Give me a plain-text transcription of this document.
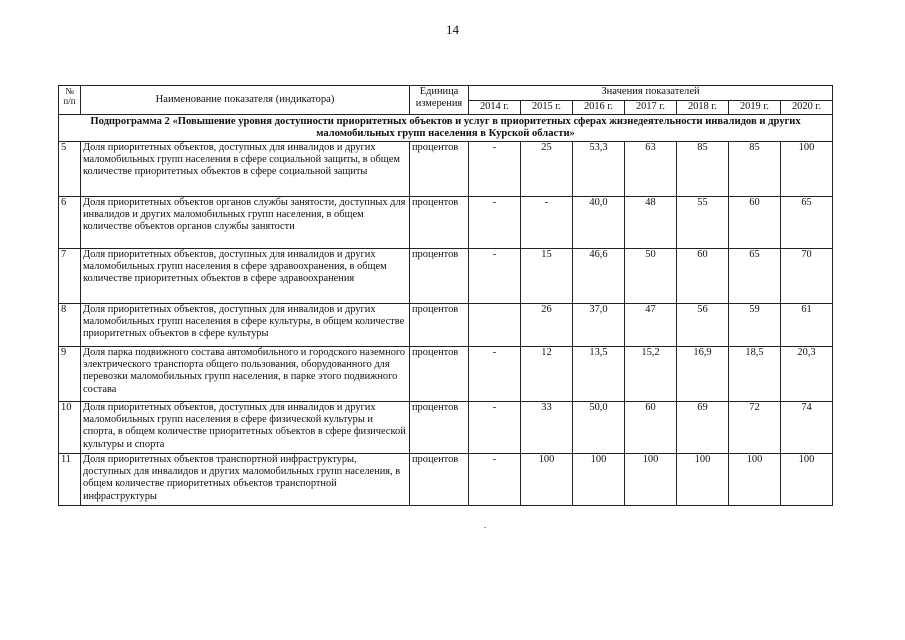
14
№ п/п	Наименование показателя (индикатора)	Единица измерения	Значения показателей						
			2014 г.	2015 г.	2016 г.	2017 г.	2018 г.	2019 г.	2020 г.
Подпрограмма 2 «Повышение уровня доступности приоритетных объектов и услуг в приоритетных сферах жизнедеятельности инвалидов и других маломобильных групп населения в Курской области»									
5	Доля приоритетных объектов, доступных для инвалидов и других маломобильных групп населения в сфере социальной защиты, в общем количестве приоритетных объектов в сфере социальной защиты	процентов	-	25	53,3	63	85	85	100
6	Доля приоритетных объектов органов службы занятости, доступных для инвалидов и других маломобильных групп населения, в общем количестве объектов органов службы занятости	процентов	-	-	40,0	48	55	60	65
7	Доля приоритетных объектов, доступных для инвалидов и других маломобильных групп населения в сфере здравоохранения, в общем количестве приоритетных объектов в сфере здравоохранения	процентов	-	15	46,6	50	60	65	70
8	Доля приоритетных объектов, доступных для инвалидов и других маломобильных групп населения в сфере культуры, в общем количестве приоритетных объектов в сфере культуры	процентов		26	37,0	47	56	59	61
9	Доля парка подвижного состава автомобильного и городского наземного электрического транспорта общего пользования, оборудованного для перевозки маломобильных групп населения, в парке этого подвижного состава	процентов	-	12	13,5	15,2	16,9	18,5	20,3
10	Доля приоритетных объектов, доступных для инвалидов и других маломобильных групп населения в сфере физической культуры и спорта, в общем количестве приоритетных объектов в сфере физической культуры и спорта	процентов	-	33	50,0	60	69	72	74
11	Доля приоритетных объектов транспортной инфраструктуры, доступных для инвалидов и других маломобильных групп населения, в общем количестве приоритетных объектов транспортной инфраструктуры	процентов	-	100	100	100	100	100	100
